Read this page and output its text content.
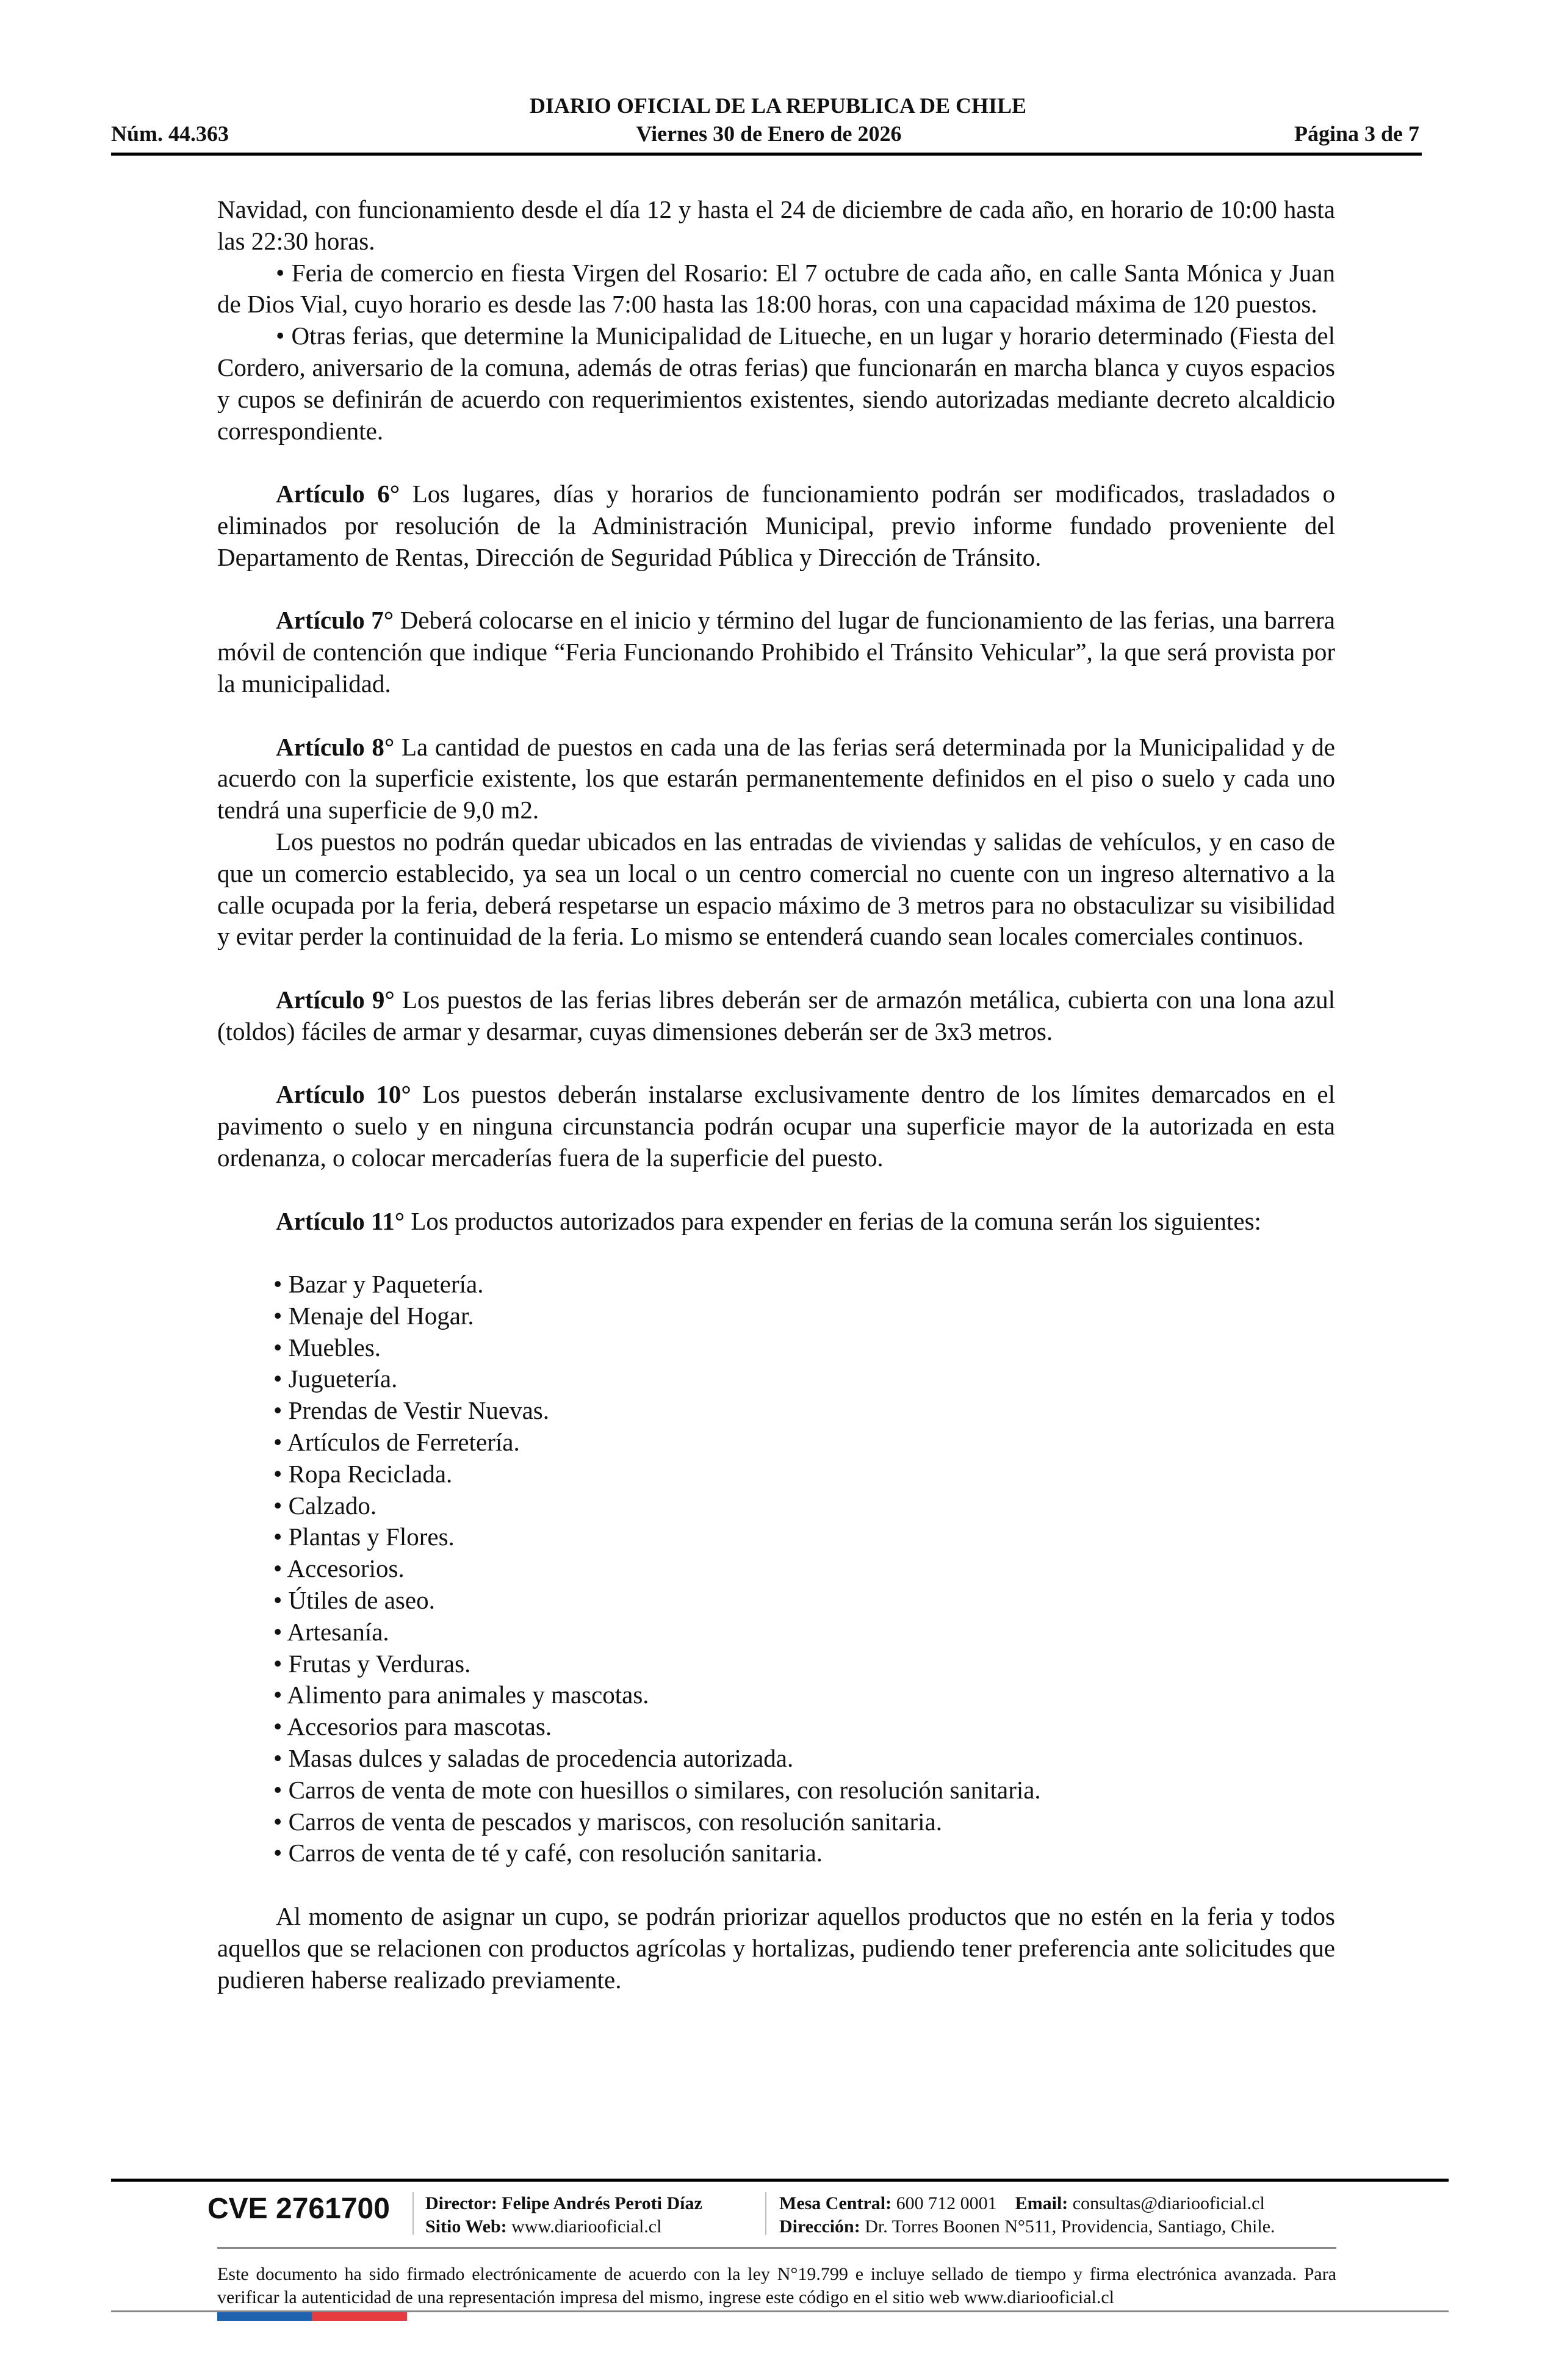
DIARIO OFICIAL DE LA REPUBLICA DE CHILE
Núm. 44.363	Viernes 30 de Enero de 2026	Página 3 de 7

Navidad, con funcionamiento desde el día 12 y hasta el 24 de diciembre de cada año, en horario de 10:00 hasta las 22:30 horas.

• Feria de comercio en fiesta Virgen del Rosario: El 7 octubre de cada año, en calle Santa Mónica y Juan de Dios Vial, cuyo horario es desde las 7:00 hasta las 18:00 horas, con una capacidad máxima de 120 puestos.

• Otras ferias, que determine la Municipalidad de Litueche, en un lugar y horario determinado (Fiesta del Cordero, aniversario de la comuna, además de otras ferias) que funcionarán en marcha blanca y cuyos espacios y cupos se definirán de acuerdo con requerimientos existentes, siendo autorizadas mediante decreto alcaldicio correspondiente.

Artículo 6° Los lugares, días y horarios de funcionamiento podrán ser modificados, trasladados o eliminados por resolución de la Administración Municipal, previo informe fundado proveniente del Departamento de Rentas, Dirección de Seguridad Pública y Dirección de Tránsito.

Artículo 7° Deberá colocarse en el inicio y término del lugar de funcionamiento de las ferias, una barrera móvil de contención que indique “Feria Funcionando Prohibido el Tránsito Vehicular”, la que será provista por la municipalidad.

Artículo 8° La cantidad de puestos en cada una de las ferias será determinada por la Municipalidad y de acuerdo con la superficie existente, los que estarán permanentemente definidos en el piso o suelo y cada uno tendrá una superficie de 9,0 m2.

Los puestos no podrán quedar ubicados en las entradas de viviendas y salidas de vehículos, y en caso de que un comercio establecido, ya sea un local o un centro comercial no cuente con un ingreso alternativo a la calle ocupada por la feria, deberá respetarse un espacio máximo de 3 metros para no obstaculizar su visibilidad y evitar perder la continuidad de la feria. Lo mismo se entenderá cuando sean locales comerciales continuos.

Artículo 9° Los puestos de las ferias libres deberán ser de armazón metálica, cubierta con una lona azul (toldos) fáciles de armar y desarmar, cuyas dimensiones deberán ser de 3x3 metros.

Artículo 10° Los puestos deberán instalarse exclusivamente dentro de los límites demarcados en el pavimento o suelo y en ninguna circunstancia podrán ocupar una superficie mayor de la autorizada en esta ordenanza, o colocar mercaderías fuera de la superficie del puesto.

Artículo 11° Los productos autorizados para expender en ferias de la comuna serán los siguientes:

• Bazar y Paquetería.
• Menaje del Hogar.
• Muebles.
• Juguetería.
• Prendas de Vestir Nuevas.
• Artículos de Ferretería.
• Ropa Reciclada.
• Calzado.
• Plantas y Flores.
• Accesorios.
• Útiles de aseo.
• Artesanía.
• Frutas y Verduras.
• Alimento para animales y mascotas.
• Accesorios para mascotas.
• Masas dulces y saladas de procedencia autorizada.
• Carros de venta de mote con huesillos o similares, con resolución sanitaria.
• Carros de venta de pescados y mariscos, con resolución sanitaria.
• Carros de venta de té y café, con resolución sanitaria.

Al momento de asignar un cupo, se podrán priorizar aquellos productos que no estén en la feria y todos aquellos que se relacionen con productos agrícolas y hortalizas, pudiendo tener preferencia ante solicitudes que pudieren haberse realizado previamente.

CVE 2761700 Director: Felipe Andrés Peroti Díaz
Sitio Web: www.diariooficial.cl
Mesa Central: 600 712 0001 Email: consultas@diariooficial.cl
Dirección: Dr. Torres Boonen N°511, Providencia, Santiago, Chile.
Este documento ha sido firmado electrónicamente de acuerdo con la ley N°19.799 e incluye sellado de tiempo y firma electrónica avanzada. Para verificar la autenticidad de una representación impresa del mismo, ingrese este código en el sitio web www.diariooficial.cl
